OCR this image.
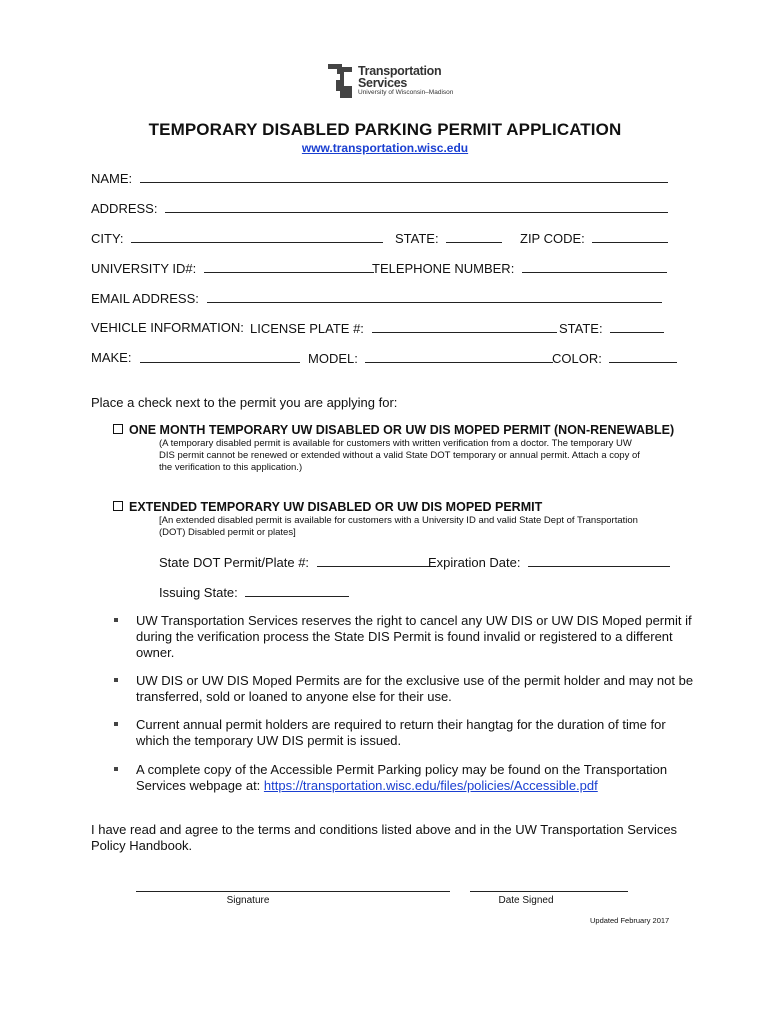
Transportation
Services
University of Wisconsin–Madison
TEMPORARY DISABLED PARKING PERMIT APPLICATION
www.transportation.wisc.edu
NAME:
ADDRESS:
CITY:	STATE:	ZIP CODE:
UNIVERSITY ID#:	TELEPHONE NUMBER:
EMAIL ADDRESS:
VEHICLE INFORMATION: LICENSE PLATE #:	STATE:
MAKE:	MODEL:	COLOR:
Place a check next to the permit you are applying for:
ONE MONTH TEMPORARY UW DISABLED OR UW DIS MOPED PERMIT (NON-RENEWABLE)
(A temporary disabled permit is available for customers with written verification from a doctor. The temporary UW
DIS permit cannot be renewed or extended without a valid State DOT temporary or annual permit. Attach a copy of
the verification to this application.)
EXTENDED TEMPORARY UW DISABLED OR UW DIS MOPED PERMIT
[An extended disabled permit is available for customers with a University ID and valid State Dept of Transportation
(DOT) Disabled permit or plates]
State DOT Permit/Plate #:	Expiration Date:
Issuing State:
UW Transportation Services reserves the right to cancel any UW DIS or UW DIS Moped permit if
during the verification process the State DIS Permit is found invalid or registered to a different
owner.
UW DIS or UW DIS Moped Permits are for the exclusive use of the permit holder and may not be
transferred, sold or loaned to anyone else for their use.
Current annual permit holders are required to return their hangtag for the duration of time for
which the temporary UW DIS permit is issued.
A complete copy of the Accessible Permit Parking policy may be found on the Transportation
Services webpage at: https://transportation.wisc.edu/files/policies/Accessible.pdf
I have read and agree to the terms and conditions listed above and in the UW Transportation Services
Policy Handbook.
Signature	Date Signed
Updated February 2017
